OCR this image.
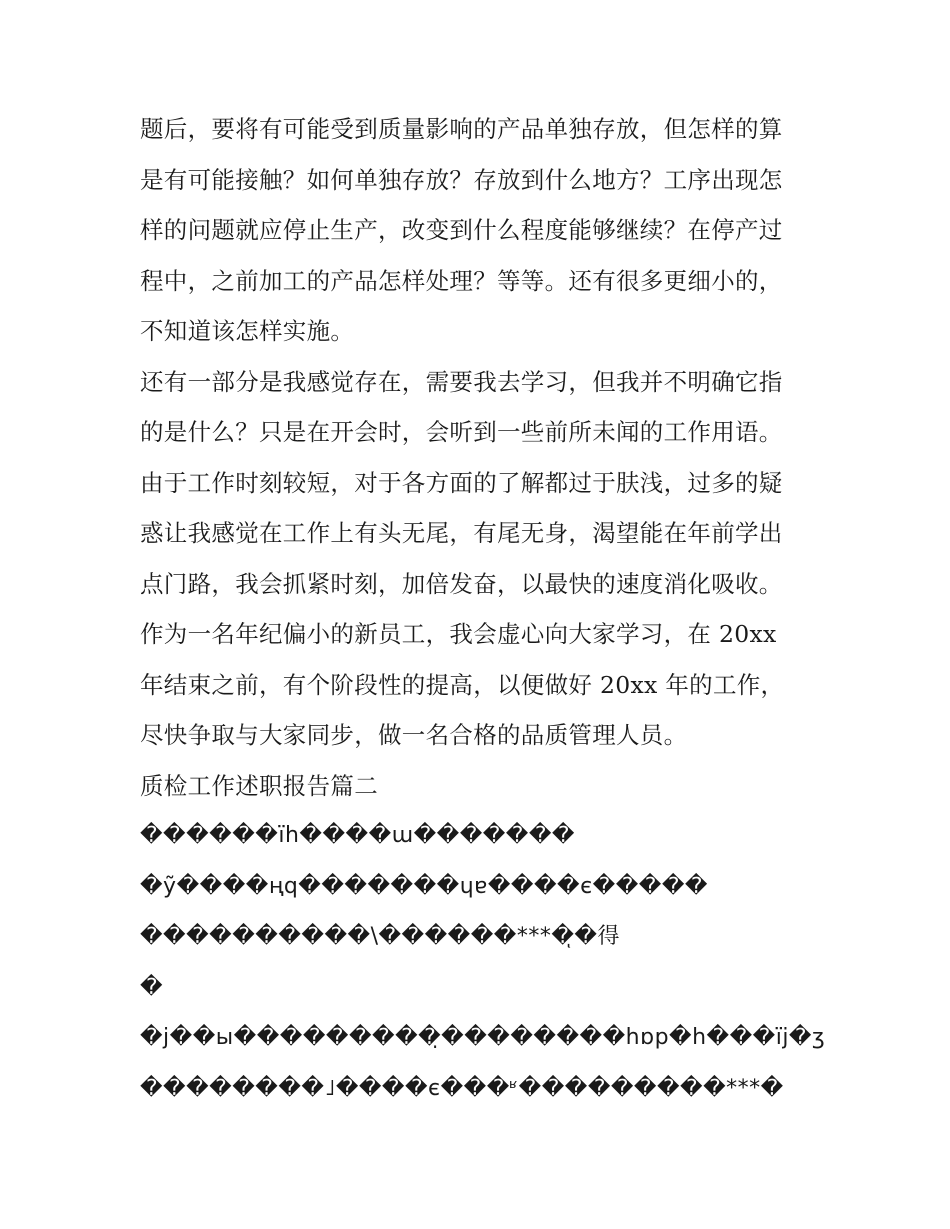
题后，要将有可能受到质量影响的产品单独存放，但怎样的算
是有可能接触？如何单独存放？存放到什么地方？工序出现怎
样的问题就应停止生产，改变到什么程度能够继续？在停产过
程中，之前加工的产品怎样处理？等等。还有很多更细小的，
不知道该怎样实施。
还有一部分是我感觉存在，需要我去学习，但我并不明确它指
的是什么？只是在开会时，会听到一些前所未闻的工作用语。
由于工作时刻较短，对于各方面的了解都过于肤浅，过多的疑
惑让我感觉在工作上有头无尾，有尾无身，渴望能在年前学出
点门路，我会抓紧时刻，加倍发奋，以最快的速度消化吸收。
作为一名年纪偏小的新员工，我会虚心向大家学习，在 20xx
年结束之前，有个阶段性的提高，以便做好 20xx 年的工作，
尽快争取与大家同步，做一名合格的品质管理人员。
质检工作述职报告篇二
������ïh����ɯ�������
�ỹ����ңq�������ɥɐ����є�����
����������\������***�ͅ�得
�
�j��ы���������̣��������hɒp�h���ïj�ʒ
��������˩����є���ʶ���������***�
